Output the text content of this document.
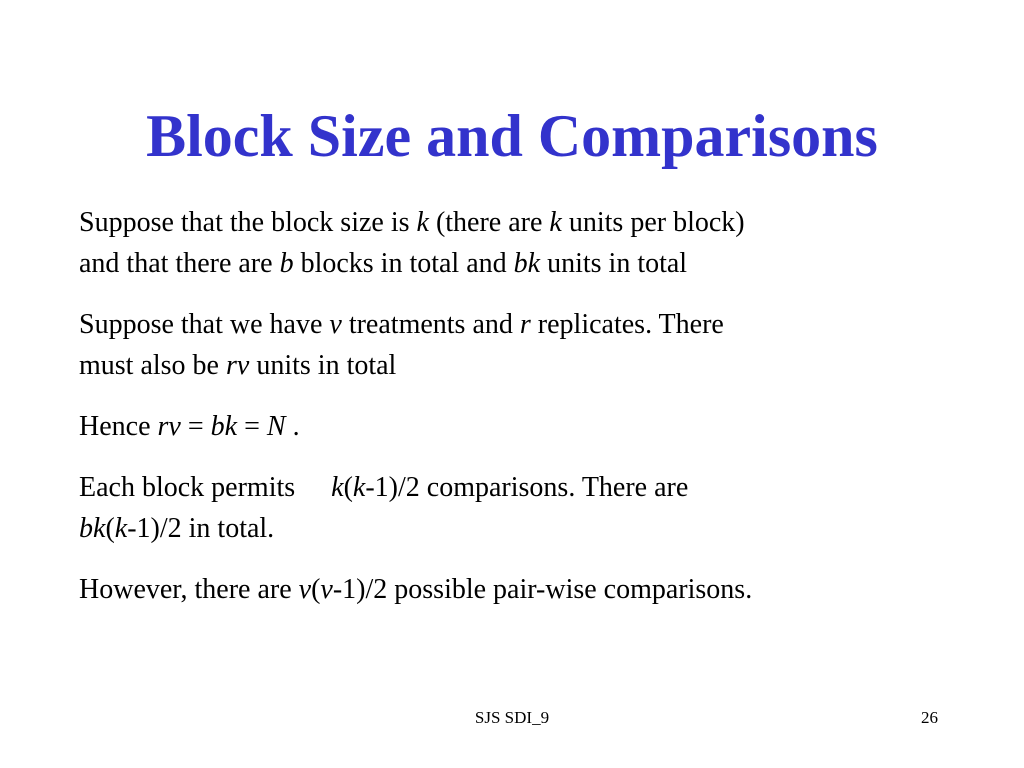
Block Size and Comparisons

Suppose that the block size is k (there are k units per block)
and that there are b blocks in total and bk units in total

Suppose that we have v treatments and r replicates. There
must also be rv units in total

Hence rv = bk = N .

Each block permits k(k-1)/2 comparisons. There are
bk(k-1)/2 in total.

However, there are v(v-1)/2 possible pair-wise comparisons.

SJS SDI_9	26
